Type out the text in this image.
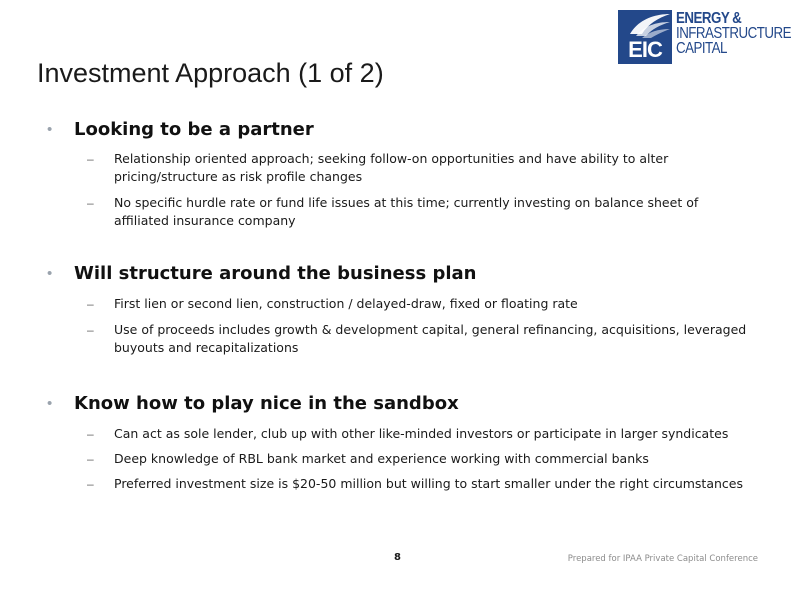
EIC
ENERGY &
INFRASTRUCTURE
CAPITAL
Investment Approach (1 of 2)
• Looking to be a partner
– Relationship oriented approach; seeking follow-on opportunities and have ability to alter pricing/structure as risk profile changes
– No specific hurdle rate or fund life issues at this time; currently investing on balance sheet of affiliated insurance company
• Will structure around the business plan
– First lien or second lien, construction / delayed-draw, fixed or floating rate
– Use of proceeds includes growth & development capital, general refinancing, acquisitions, leveraged buyouts and recapitalizations
• Know how to play nice in the sandbox
– Can act as sole lender, club up with other like-minded investors or participate in larger syndicates
– Deep knowledge of RBL bank market and experience working with commercial banks
– Preferred investment size is $20-50 million but willing to start smaller under the right circumstances
8	Prepared for IPAA Private Capital Conference
